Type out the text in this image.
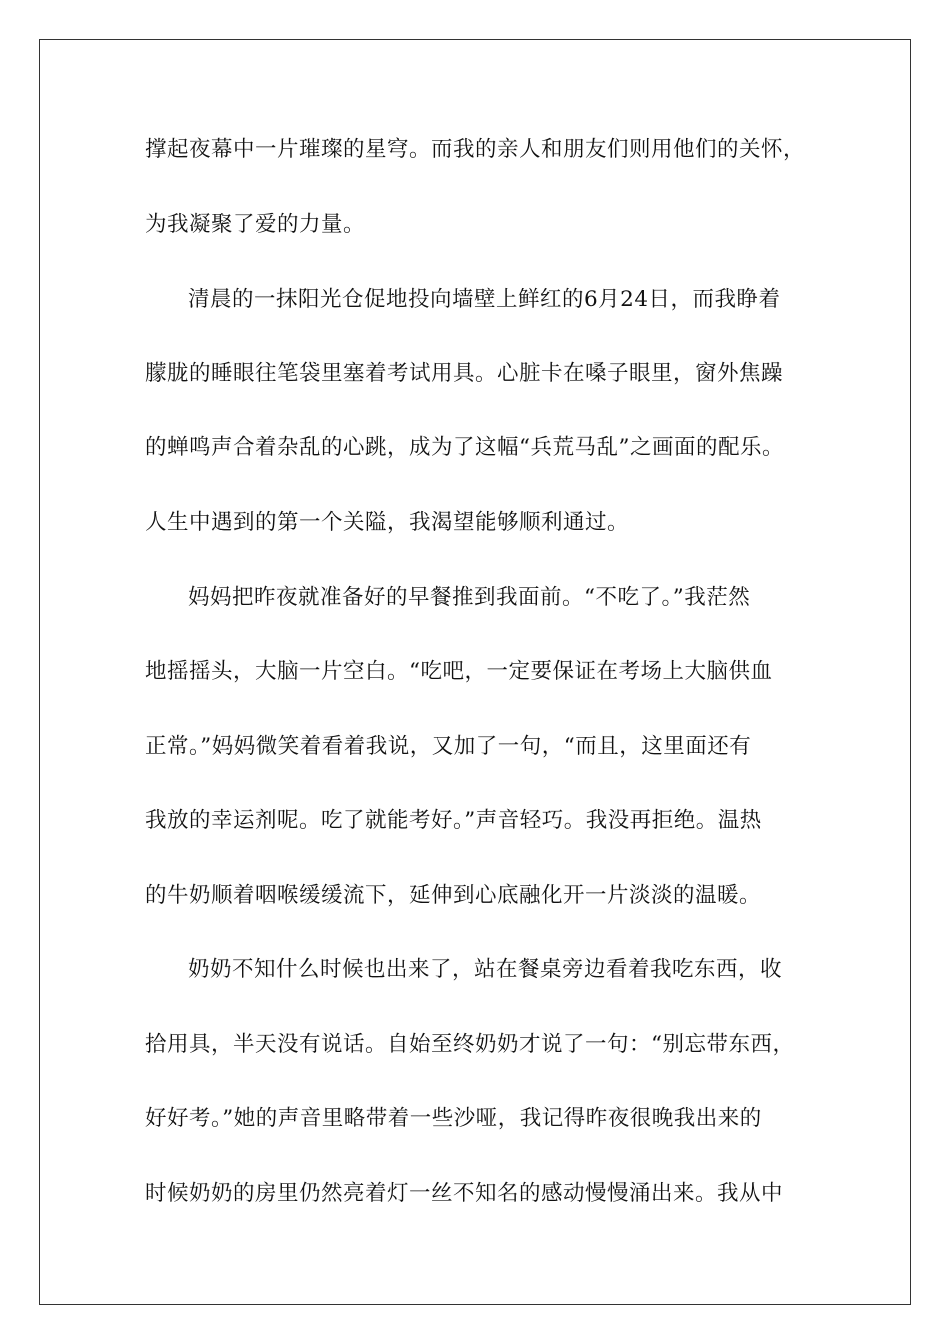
撑起夜幕中一片璀璨的星穹。而我的亲人和朋友们则用他们的关怀，
为我凝聚了爱的力量。
清晨的一抹阳光仓促地投向墙壁上鲜红的6月24日，而我睁着
朦胧的睡眼往笔袋里塞着考试用具。心脏卡在嗓子眼里，窗外焦躁
的蝉鸣声合着杂乱的心跳，成为了这幅“兵荒马乱”之画面的配乐。
人生中遇到的第一个关隘，我渴望能够顺利通过。
妈妈把昨夜就准备好的早餐推到我面前。“不吃了。”我茫然
地摇摇头，大脑一片空白。“吃吧，一定要保证在考场上大脑供血
正常。”妈妈微笑着看着我说，又加了一句，“而且，这里面还有
我放的幸运剂呢。吃了就能考好。”声音轻巧。我没再拒绝。温热
的牛奶顺着咽喉缓缓流下，延伸到心底融化开一片淡淡的温暖。
奶奶不知什么时候也出来了，站在餐桌旁边看着我吃东西，收
拾用具，半天没有说话。自始至终奶奶才说了一句：“别忘带东西，
好好考。”她的声音里略带着一些沙哑，我记得昨夜很晚我出来的
时候奶奶的房里仍然亮着灯一丝不知名的感动慢慢涌出来。我从中
